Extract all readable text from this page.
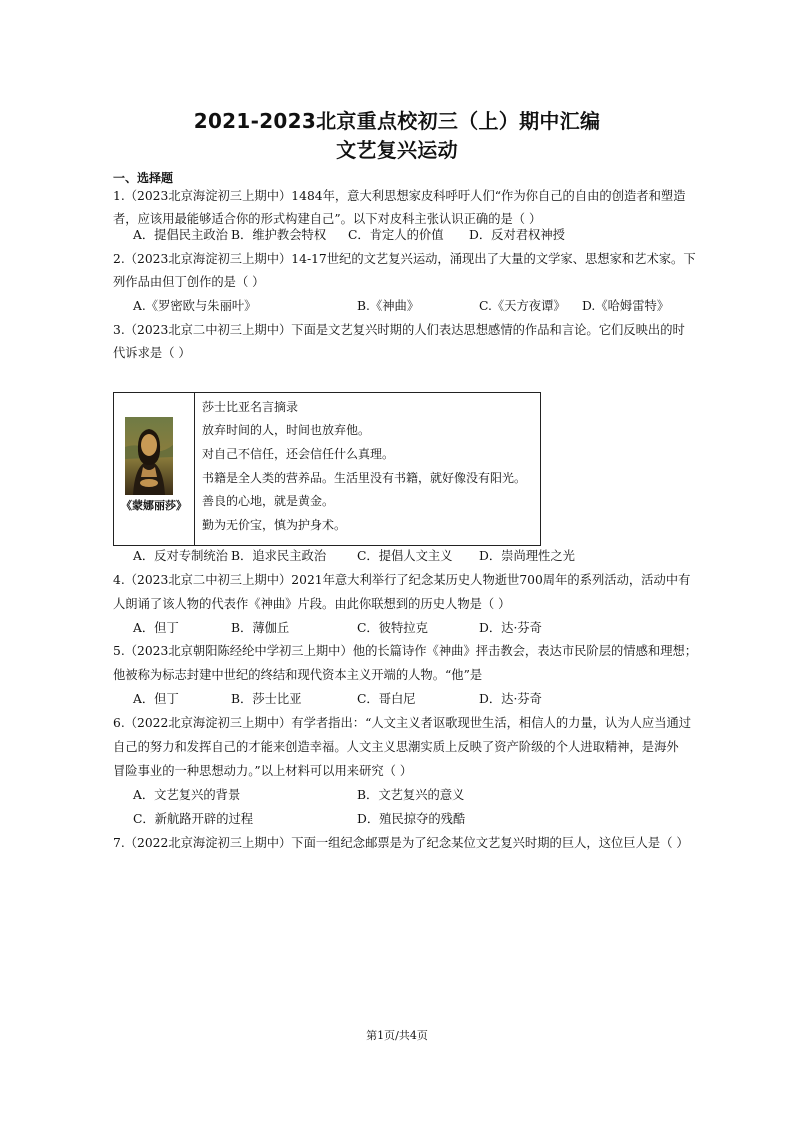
2021-2023北京重点校初三（上）期中汇编
文艺复兴运动
一、选择题
1.（2023北京海淀初三上期中）1484年，意大利思想家皮科呼吁人们“作为你自己的自由的创造者和塑造
者，应该用最能够适合你的形式构建自己”。以下对皮科主张认识正确的是（ ）
A．提倡民主政治 B．维护教会特权 C．肯定人的价值 D．反对君权神授
2.（2023北京海淀初三上期中）14-17世纪的文艺复兴运动，涌现出了大量的文学家、思想家和艺术家。下
列作品由但丁创作的是（ ）
A.《罗密欧与朱丽叶》	B.《神曲》	C.《天方夜谭》 D.《哈姆雷特》
3.（2023北京二中初三上期中）下面是文艺复兴时期的人们表达思想感情的作品和言论。它们反映出的时
代诉求是（ ）
《蒙娜丽莎》
莎士比亚名言摘录
放弃时间的人，时间也放弃他。
对自己不信任，还会信任什么真理。
书籍是全人类的营养品。生活里没有书籍，就好像没有阳光。
善良的心地，就是黄金。
勤为无价宝，慎为护身术。
A．反对专制统治 B．追求民主政治	C．提倡人文主义 D．崇尚理性之光
4.（2023北京二中初三上期中）2021年意大利举行了纪念某历史人物逝世700周年的系列活动，活动中有
人朗诵了该人物的代表作《神曲》片段。由此你联想到的历史人物是（ ）
A．但丁	B．薄伽丘	C．彼特拉克	D．达·芬奇
5.（2023北京朝阳陈经纶中学初三上期中）他的长篇诗作《神曲》抨击教会，表达市民阶层的情感和理想；
他被称为标志封建中世纪的终结和现代资本主义开端的人物。“他”是
A．但丁	B．莎士比亚	C．哥白尼	D．达·芬奇
6.（2022北京海淀初三上期中）有学者指出：“人文主义者讴歌现世生活，相信人的力量，认为人应当通过
自己的努力和发挥自己的才能来创造幸福。人文主义思潮实质上反映了资产阶级的个人进取精神，是海外
冒险事业的一种思想动力。”以上材料可以用来研究（ ）
A．文艺复兴的背景	B．文艺复兴的意义
C．新航路开辟的过程	D．殖民掠夺的残酷
7.（2022北京海淀初三上期中）下面一组纪念邮票是为了纪念某位文艺复兴时期的巨人，这位巨人是（ ）
第1页/共4页
